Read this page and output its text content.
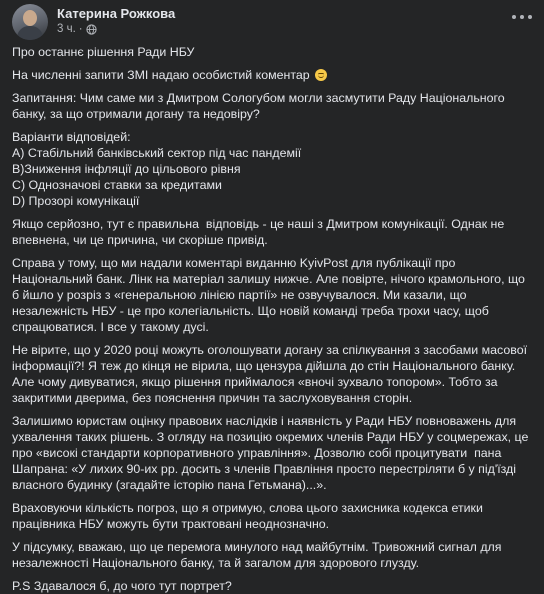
Катерина Рожкова
3 ч. ·

Про останнє рішення Ради НБУ

На численні запити ЗМІ надаю особистий коментар

Запитання: Чим саме ми з Дмитром Сологубом могли засмутити Раду Національного банку, за що отримали догану та недовіру?

Варіанти відповідей:
А) Стабільний банківський сектор під час пандемії
В)Зниження інфляції до цільового рівня
С) Однозначові ставки за кредитами
D) Прозорі комунікації

Якщо серйозно, тут є правильна  відповідь - це наші з Дмитром комунікації. Однак не впевнена, чи це причина, чи скоріше привід.

Справа у тому, що ми надали коментарі виданню KyivPost для публікації про Національний банк. Лінк на матеріал залишу нижче. Але повірте, нічого крамольного, що б йшло у розріз з «генеральною лінією партії» не озвучувалося. Ми казали, що незалежність НБУ - це про колегіальність. Що новій команді треба трохи часу, щоб спрацюватися. І все у такому дусі.

Не вірите, що у 2020 році можуть оголошувати догану за спілкування з засобами масової інформації?! Я теж до кінця не вірила, що цензура дійшла до стін Національного банку. Але чому дивуватися, якщо рішення приймалося «вночі зухвало топором». Тобто за закритими дверима, без пояснення причин та заслуховування сторін.

Залишимо юристам оцінку правових наслідків і наявність у Ради НБУ повноважень для ухвалення таких рішень. З огляду на позицію окремих членів Ради НБУ у соцмережах, це про «високі стандарти корпоративного управління». Дозволю собі процитувати  пана Шапрана: «У лихих 90-их рр. досить з членів Правління просто перестріляти б у під'їзді власного будинку (згадайте історію пана Гетьмана)...».

Враховуючи кількість погроз, що я отримую, слова цього захисника кодекса етики працівника НБУ можуть бути трактовані неоднозначно.

У підсумку, вважаю, що це перемога минулого над майбутнім. Тривожний сигнал для незалежності Національного банку, та й загалом для здорового глузду.

P.S Здавалося б, до чого тут портрет?
